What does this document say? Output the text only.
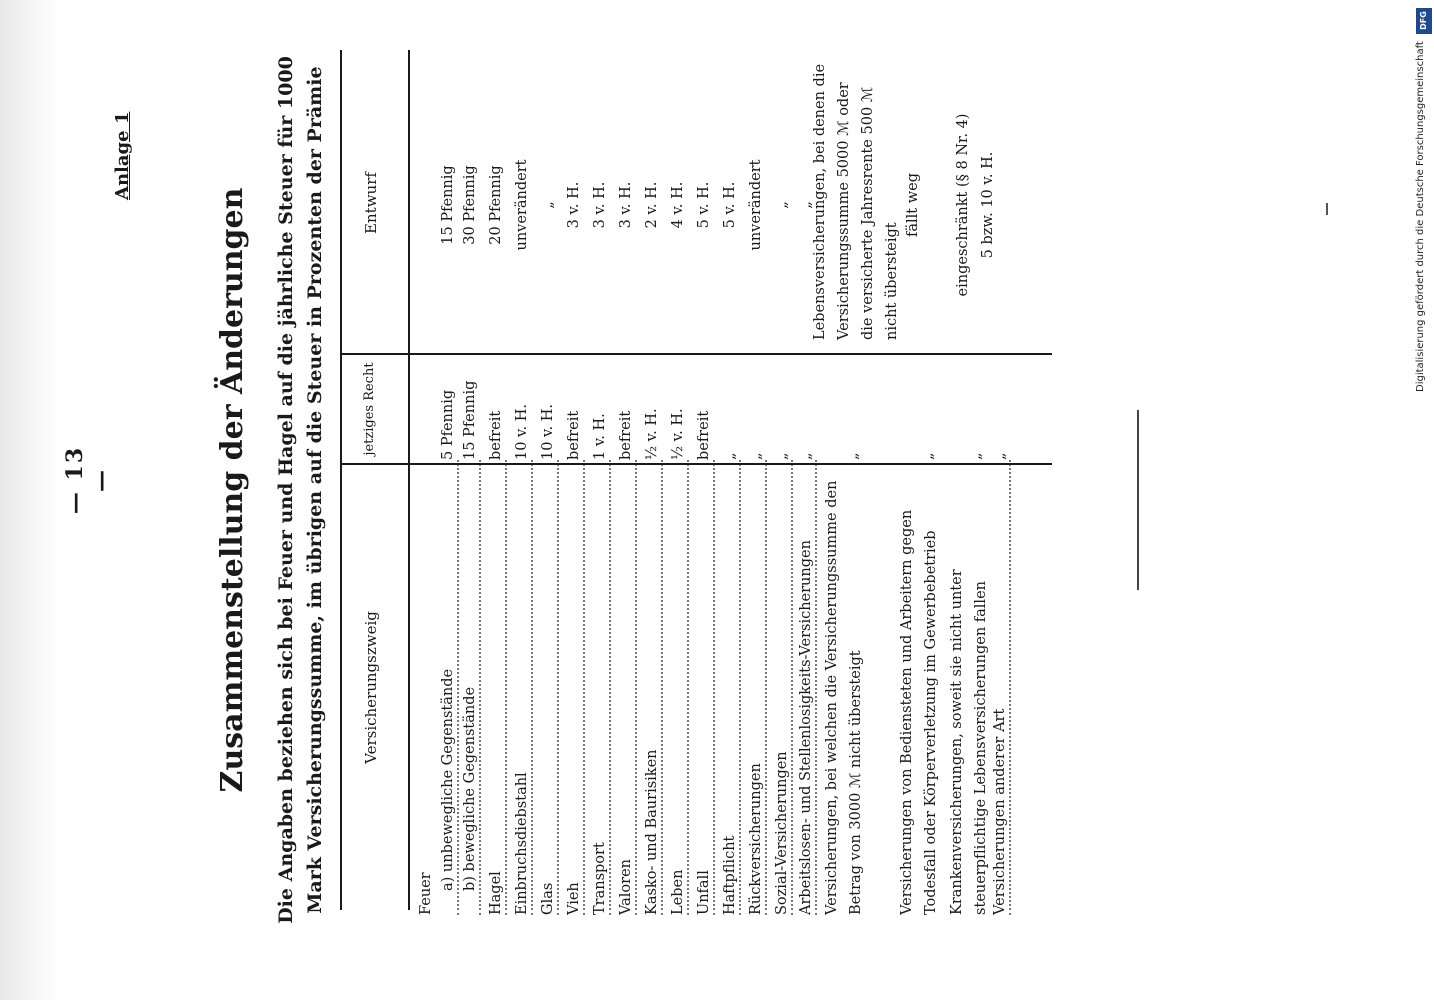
— 13 —
Anlage 1
Zusammenstellung der Änderungen Die Angaben beziehen sich bei Feuer und Hagel auf die jährliche Steuer für 1000 Mark Versicherungssumme, im übrigen auf die Steuer in Prozenten der Prämie Versicherungszweig
jetziges Recht
Entwurf
Feuer
a) unbewegliche Gegenstände
5 Pfennig
15 Pfennig
b) bewegliche Gegenstände
15 Pfennig
30 Pfennig
Hagel
befreit
20 Pfennig
Einbruchsdiebstahl
10 v. H.
unverändert
Glas
10 v. H.
„
Vieh
befreit
3 v. H.
Transport
1 v. H.
3 v. H.
Valoren
befreit
3 v. H.
Kasko- und Baurisiken
½ v. H.
2 v. H.
Leben
½ v. H.
4 v. H.
Unfall
befreit
5 v. H.
Haftpflicht
„
5 v. H.
Rückversicherungen
„
unverändert
Sozial-Versicherungen
„
„
Arbeitslosen- und Stellenlosigkeits-Versicherungen
„
„
Versicherungen, bei welchen die Versicherungssumme den Betrag von 3000 ℳ nicht übersteigt
„
Lebensversicherungen, bei denen die Versicherungssumme 5000 ℳ oder die versicherte Jahresrente 500 ℳ nicht übersteigt
Versicherungen von Bediensteten und Arbeitern gegen Todesfall oder Körperverletzung im Gewerbebetrieb
„
fällt weg
Krankenversicherungen, soweit sie nicht unter steuerpflichtige Lebensversicherungen fallen
„
eingeschränkt (§ 8 Nr. 4)
Versicherungen anderer Art
„
5 bzw. 10 v. H.
DFG
Digitalisierung gefördert durch die Deutsche Forschungsgemeinschaft
